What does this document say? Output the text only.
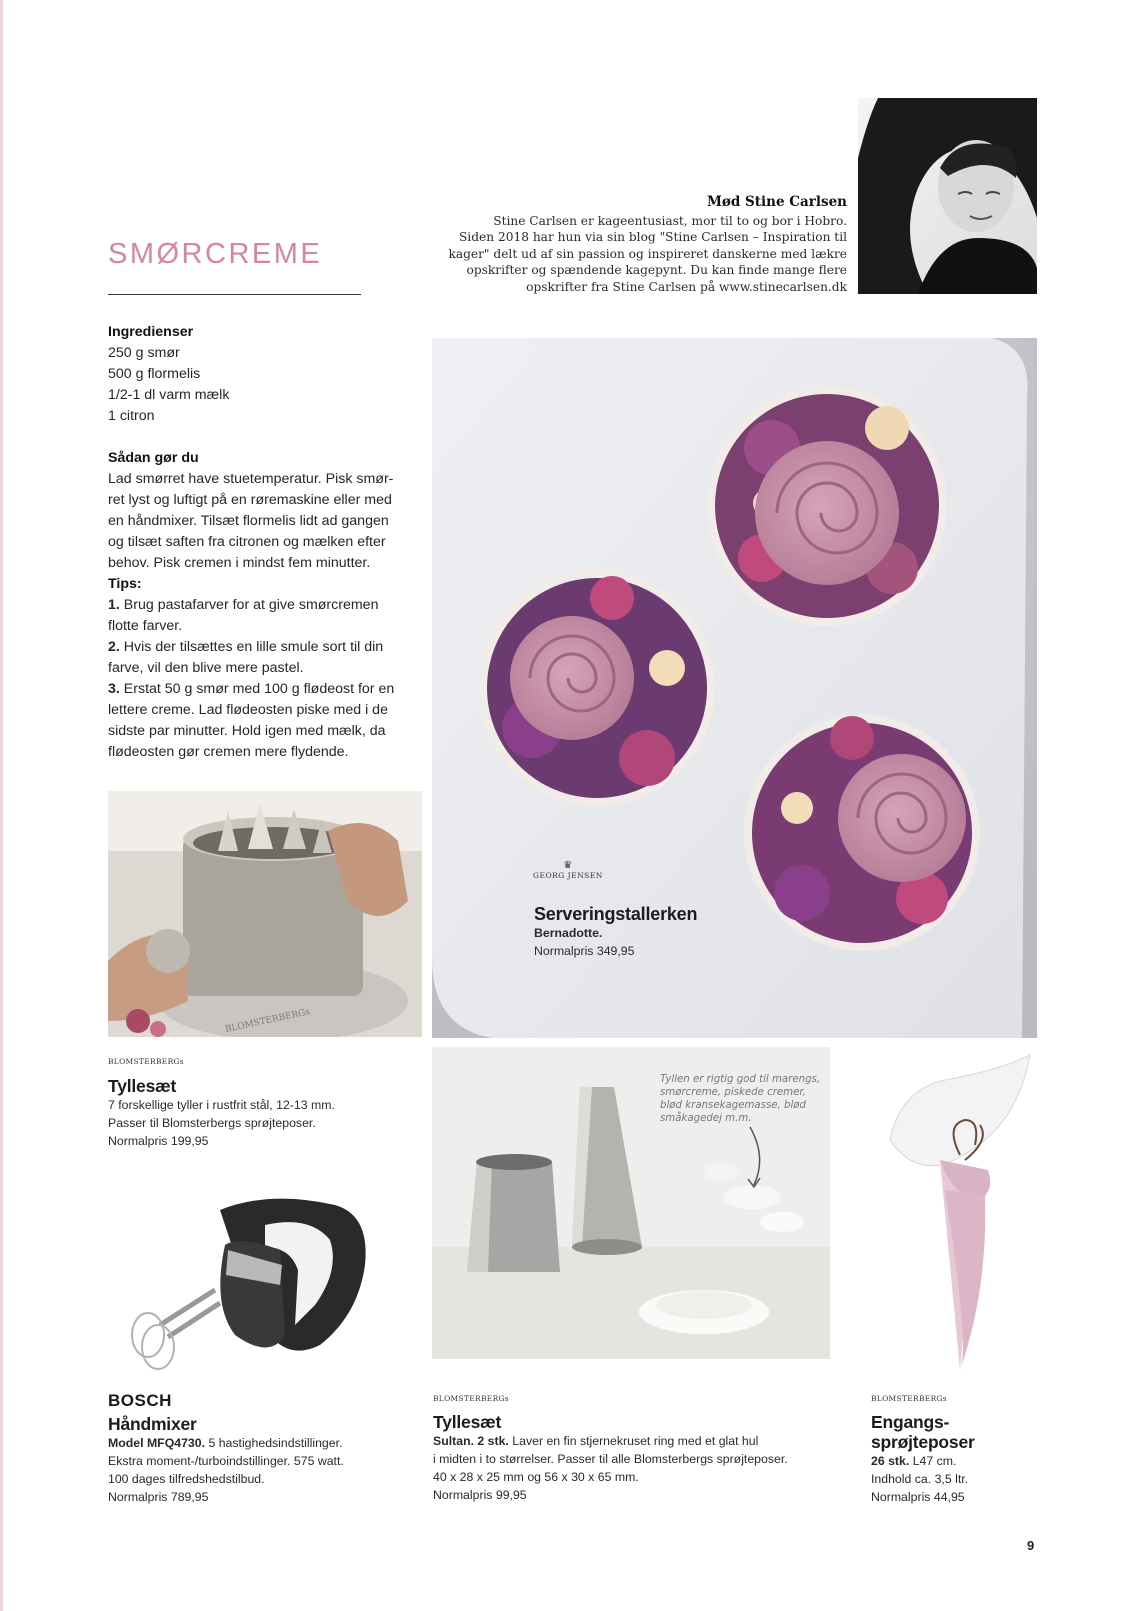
Mød Stine Carlsen
Stine Carlsen er kageentusiast, mor til to og bor i Hobro.
Siden 2018 har hun via sin blog "Stine Carlsen – Inspiration til
kager" delt ud af sin passion og inspireret danskerne med lækre
opskrifter og spændende kagepynt. Du kan finde mange flere
opskrifter fra Stine Carlsen på www.stinecarlsen.dk
SMØRCREME
Ingredienser
250 g smør
500 g flormelis
1/2-1 dl varm mælk
1 citron
Sådan gør du
Lad smørret have stuetemperatur. Pisk smør-
ret lyst og luftigt på en røremaskine eller med
en håndmixer. Tilsæt flormelis lidt ad gangen
og tilsæt saften fra citronen og mælken efter
behov. Pisk cremen i mindst fem minutter.
Tips:
1. Brug pastafarver for at give smørcremen
flotte farver.
2. Hvis der tilsættes en lille smule sort til din
farve, vil den blive mere pastel.
3. Erstat 50 g smør med 100 g flødeost for en
lettere creme. Lad flødeosten piske med i de
sidste par minutter. Hold igen med mælk, da
flødeosten gør cremen mere flydende.
♛
GEORG JENSEN
Serveringstallerken
Bernadotte.
Normalpris 349,95
BLOMSTERBERGs
BLOMSTERBERGs
Tyllesæt
7 forskellige tyller i rustfrit stål, 12-13 mm.
Passer til Blomsterbergs sprøjteposer.
Normalpris 199,95
Tyllen er rigtig god til marengs,
smørcreme, piskede cremer,
blød kransekagemasse, blød
småkagedej m.m.
BOSCH
Håndmixer
Model MFQ4730. 5 hastighedsindstillinger.
Ekstra moment-/turboindstillinger. 575 watt.
100 dages tilfredshedstilbud.
Normalpris 789,95
BLOMSTERBERGs
Tyllesæt
Sultan. 2 stk. Laver en fin stjernekruset ring med et glat hul
i midten i to størrelser. Passer til alle Blomsterbergs sprøjteposer.
40 x 28 x 25 mm og 56 x 30 x 65 mm.
Normalpris 99,95
BLOMSTERBERGs
Engangs-
sprøjteposer
26 stk. L47 cm.
Indhold ca. 3,5 ltr.
Normalpris 44,95
9
